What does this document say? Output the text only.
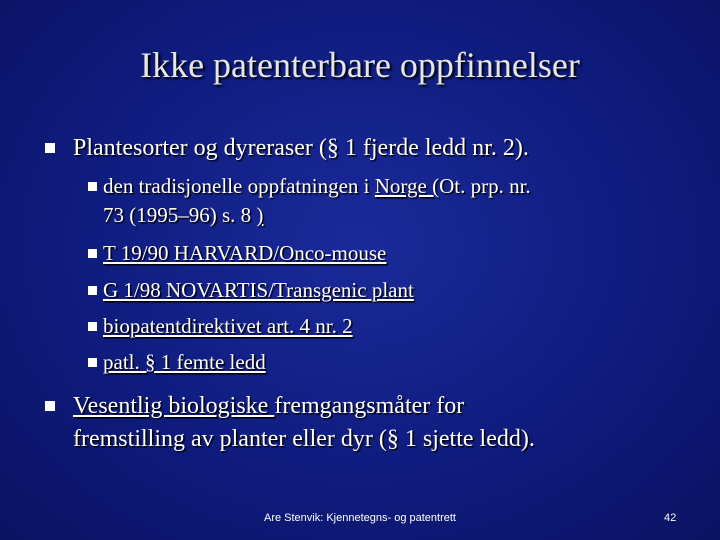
Ikke patenterbare oppfinnelser
Plantesorter og dyreraser (§ 1 fjerde ledd nr. 2).
den tradisjonelle oppfatningen i Norge (Ot. prp. nr.
73 (1995–96) s. 8 )
T 19/90 HARVARD/Onco-mouse
G 1/98 NOVARTIS/Transgenic plant
biopatentdirektivet art. 4 nr. 2
patl. § 1 femte ledd
Vesentlig biologiske fremgangsmåter for
fremstilling av planter eller dyr (§ 1 sjette ledd).
Are Stenvik: Kjennetegns- og patentrett	42
